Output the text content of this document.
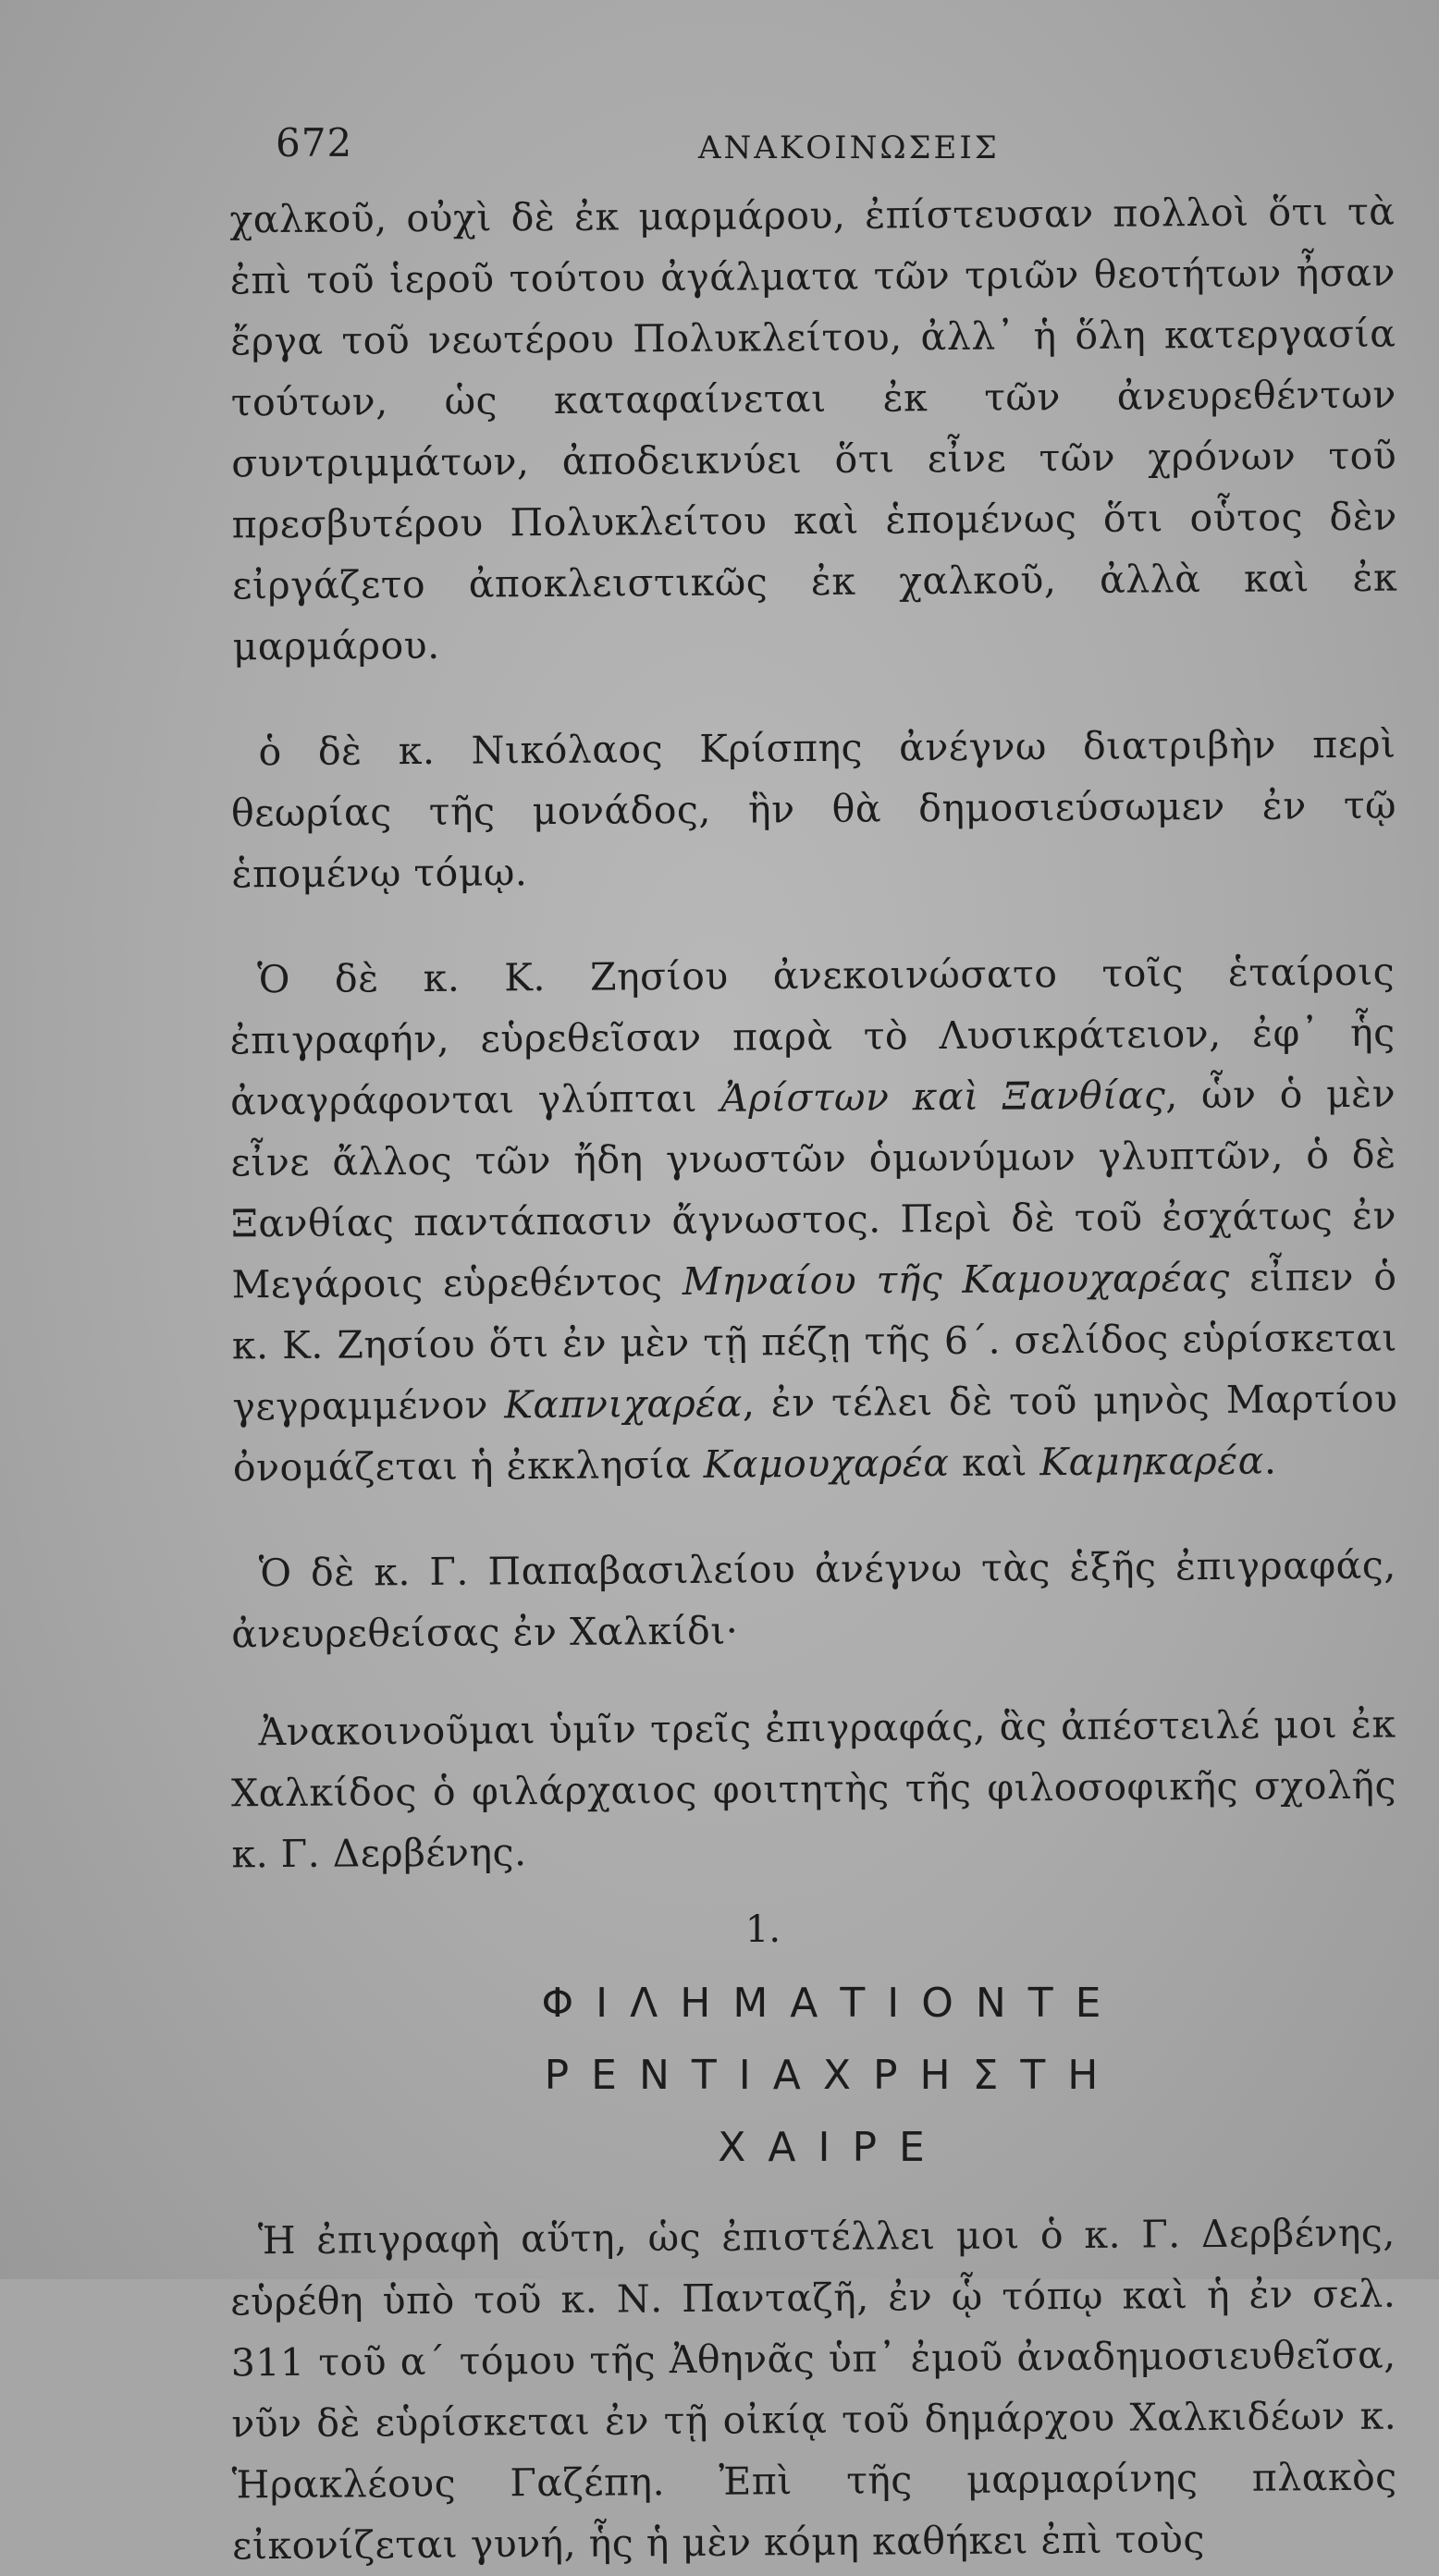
672	ΑΝΑΚΟΙΝΩΣΕΙΣ

χαλκοῦ, οὐχὶ δὲ ἐκ μαρμάρου, ἐπίστευσαν πολλοὶ ὅτι τὰ ἐπὶ τοῦ ἱεροῦ τούτου ἀγάλματα τῶν τριῶν θεοτήτων ἦσαν ἔργα τοῦ νεωτέρου Πολυκλείτου, ἀλλ᾽ ἡ ὅλη κατεργασία τούτων, ὡς καταφαίνεται ἐκ τῶν ἀνευρεθέντων συντριμμάτων, ἀποδεικνύει ὅτι εἶνε τῶν χρόνων τοῦ πρεσβυτέρου Πολυκλείτου καὶ ἑπομένως ὅτι οὗτος δὲν εἰργάζετο ἀποκλειστικῶς ἐκ χαλκοῦ, ἀλλὰ καὶ ἐκ μαρμάρου.

ὁ δὲ κ. Νικόλαος Κρίσπης ἀνέγνω διατριβὴν περὶ θεωρίας τῆς μονάδος, ἣν θὰ δημοσιεύσωμεν ἐν τῷ ἑπομένῳ τόμῳ.

Ὁ δὲ κ. Κ. Ζησίου ἀνεκοινώσατο τοῖς ἑταίροις ἐπιγραφήν, εὑρεθεῖσαν παρὰ τὸ Λυσικράτειον, ἐφ᾽ ἧς ἀναγράφονται γλύπται Ἀρίστων καὶ Ξανθίας, ὧν ὁ μὲν εἶνε ἄλλος τῶν ἤδη γνωστῶν ὁμωνύμων γλυπτῶν, ὁ δὲ Ξανθίας παντάπασιν ἄγνωστος. Περὶ δὲ τοῦ ἐσχάτως ἐν Μεγάροις εὑρεθέντος Μηναίου τῆς Καμουχαρέας εἶπεν ὁ κ. Κ. Ζησίου ὅτι ἐν μὲν τῇ πέζῃ τῆς 6΄. σελίδος εὑρίσκεται γεγραμμένον Καπνιχαρέα, ἐν τέλει δὲ τοῦ μηνὸς Μαρτίου ὀνομάζεται ἡ ἐκκλησία Καμουχαρέα καὶ Καμηκαρέα.

Ὁ δὲ κ. Γ. Παπαβασιλείου ἀνέγνω τὰς ἑξῆς ἐπιγραφάς, ἀνευρεθείσας ἐν Χαλκίδι·

Ἀνακοινοῦμαι ὑμῖν τρεῖς ἐπιγραφάς, ἃς ἀπέστειλέ μοι ἐκ Χαλκίδος ὁ φιλάρχαιος φοιτητὴς τῆς φιλοσοφικῆς σχολῆς κ. Γ. Δερβένης.

1.
ΦΙΛΗΜΑΤΙΟΝΤΕ
ΡΕΝΤΙΑΧΡΗΣΤΗ
ΧΑΙΡΕ

Ἡ ἐπιγραφὴ αὕτη, ὡς ἐπιστέλλει μοι ὁ κ. Γ. Δερβένης, εὑρέθη ὑπὸ τοῦ κ. Ν. Πανταζῆ, ἐν ᾧ τόπῳ καὶ ἡ ἐν σελ. 311 τοῦ α΄ τόμου τῆς Ἀθηνᾶς ὑπ᾽ ἐμοῦ ἀναδημοσιευθεῖσα, νῦν δὲ εὑρίσκεται ἐν τῇ οἰκίᾳ τοῦ δημάρχου Χαλκιδέων κ. Ἡρακλέους Γαζέπη. Ἐπὶ τῆς μαρμαρίνης πλακὸς εἰκονίζεται γυνή, ἧς ἡ μὲν κόμη καθήκει ἐπὶ τοὺς
